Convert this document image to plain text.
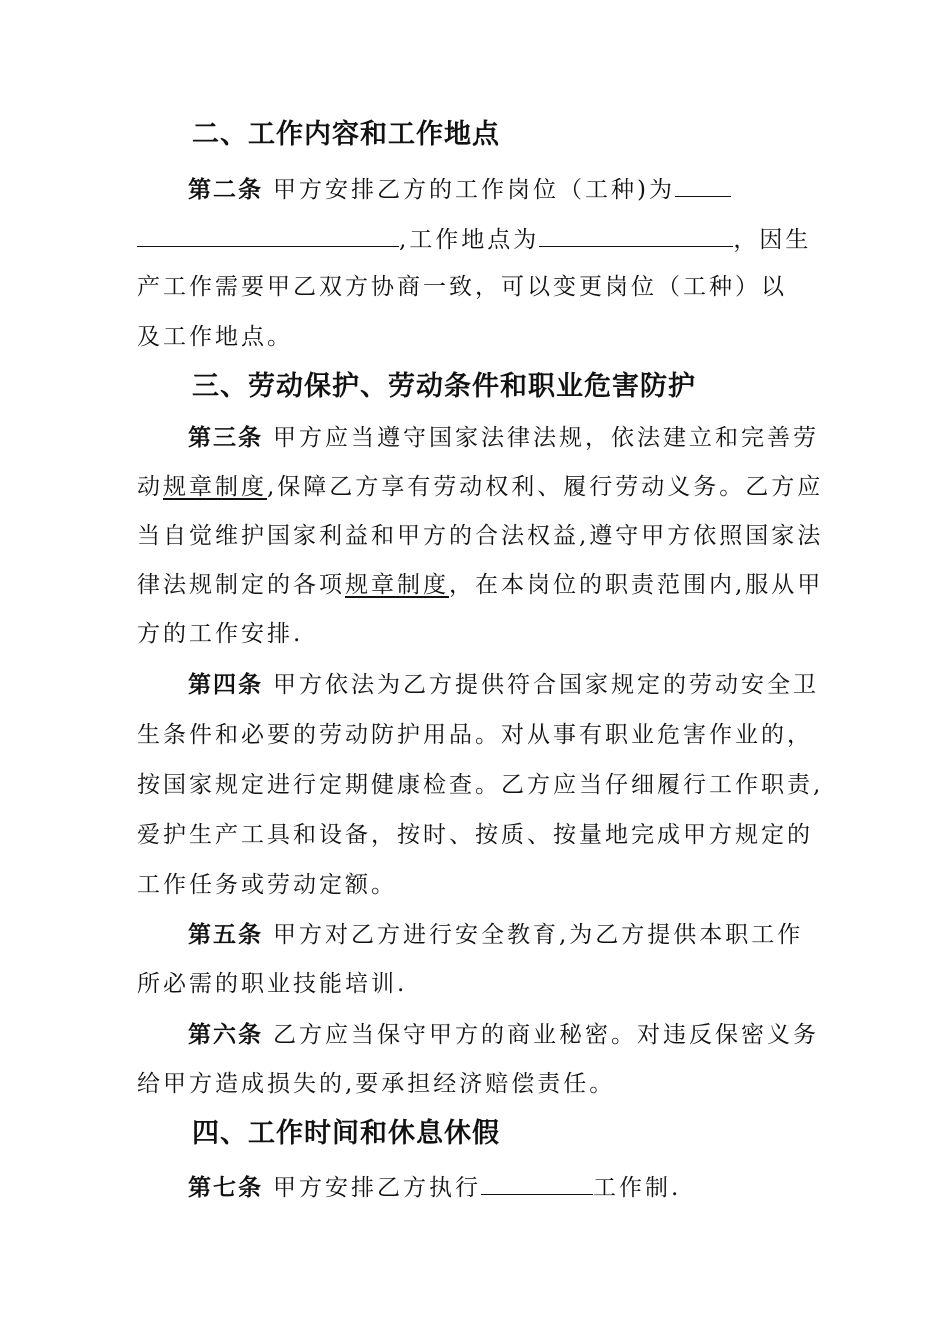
二、工作内容和工作地点
第二条 甲方安排乙方的工作岗位（工种)为
,工作地点为	，因生
产工作需要甲乙双方协商一致，可以变更岗位（工种）以
及工作地点。
三、劳动保护、劳动条件和职业危害防护
第三条 甲方应当遵守国家法律法规，依法建立和完善劳
动规章制度,保障乙方享有劳动权利、履行劳动义务。乙方应
当自觉维护国家利益和甲方的合法权益,遵守甲方依照国家法
律法规制定的各项规章制度，在本岗位的职责范围内,服从甲
方的工作安排.
第四条 甲方依法为乙方提供符合国家规定的劳动安全卫
生条件和必要的劳动防护用品。对从事有职业危害作业的，
按国家规定进行定期健康检查。乙方应当仔细履行工作职责,
爱护生产工具和设备，按时、按质、按量地完成甲方规定的
工作任务或劳动定额。
第五条 甲方对乙方进行安全教育,为乙方提供本职工作
所必需的职业技能培训.
第六条 乙方应当保守甲方的商业秘密。对违反保密义务
给甲方造成损失的,要承担经济赔偿责任。
四、工作时间和休息休假
第七条 甲方安排乙方执行	工作制.
